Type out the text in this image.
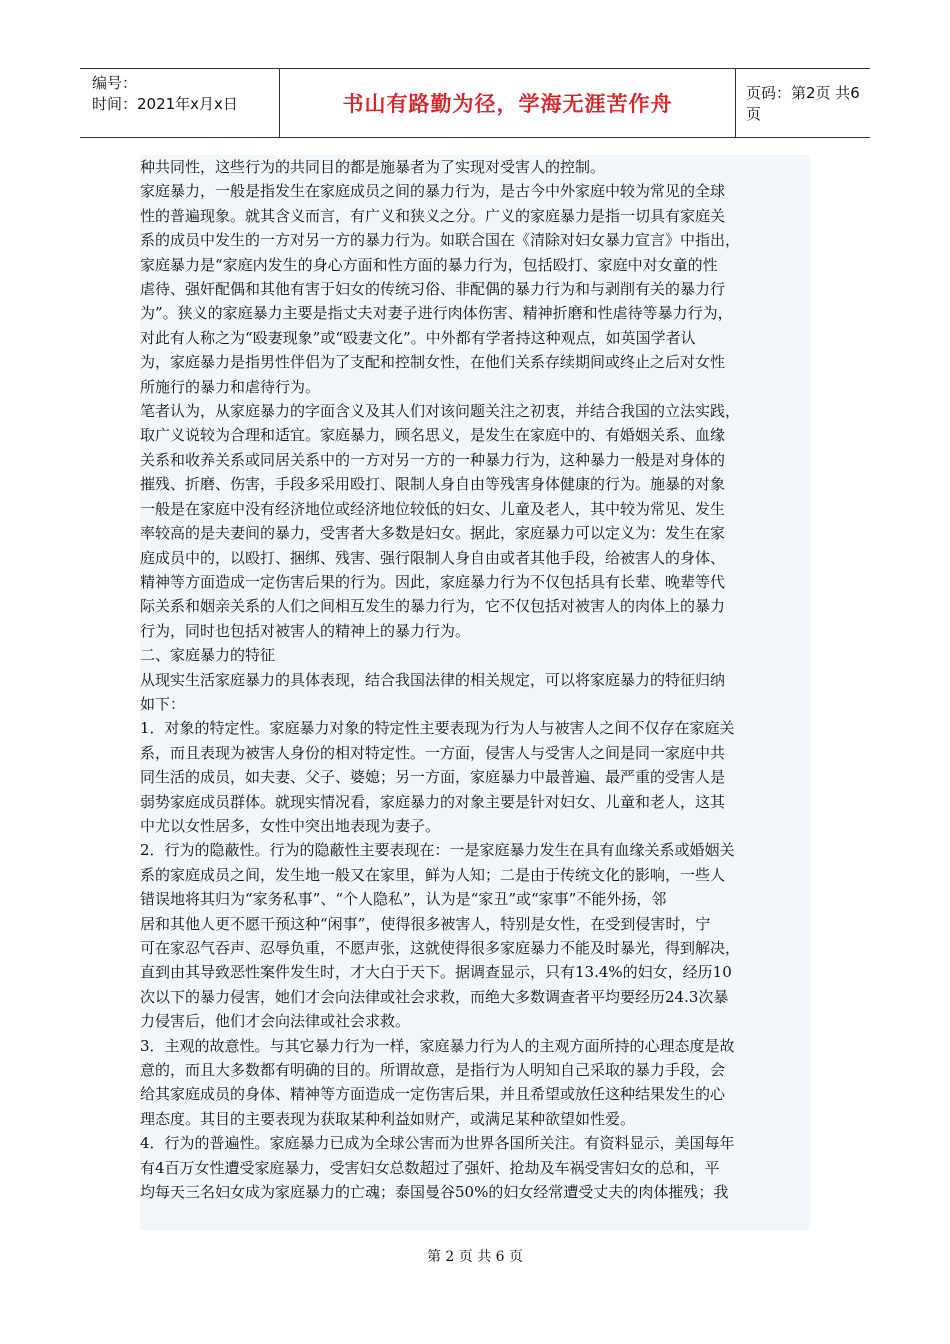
编号：
时间：2021年x月x日	书山有路勤为径，学海无涯苦作舟	页码：第2页 共6页

种共同性，这些行为的共同目的都是施暴者为了实现对受害人的控制。

家庭暴力，一般是指发生在家庭成员之间的暴力行为，是古今中外家庭中较为常见的全球

性的普遍现象。就其含义而言，有广义和狭义之分。广义的家庭暴力是指一切具有家庭关

系的成员中发生的一方对另一方的暴力行为。如联合国在《清除对妇女暴力宣言》中指出，

家庭暴力是“家庭内发生的身心方面和性方面的暴力行为，包括殴打、家庭中对女童的性

虐待、强奸配偶和其他有害于妇女的传统习俗、非配偶的暴力行为和与剥削有关的暴力行

为”。狭义的家庭暴力主要是指丈夫对妻子进行肉体伤害、精神折磨和性虐待等暴力行为，

对此有人称之为“殴妻现象”或“殴妻文化”。中外都有学者持这种观点，如英国学者认

为，家庭暴力是指男性伴侣为了支配和控制女性，在他们关系存续期间或终止之后对女性

所施行的暴力和虐待行为。

笔者认为，从家庭暴力的字面含义及其人们对该问题关注之初衷，并结合我国的立法实践，

取广义说较为合理和适宜。家庭暴力，顾名思义，是发生在家庭中的、有婚姻关系、血缘

关系和收养关系或同居关系中的一方对另一方的一种暴力行为，这种暴力一般是对身体的

摧残、折磨、伤害，手段多采用殴打、限制人身自由等残害身体健康的行为。施暴的对象

一般是在家庭中没有经济地位或经济地位较低的妇女、儿童及老人，其中较为常见、发生

率较高的是夫妻间的暴力，受害者大多数是妇女。据此，家庭暴力可以定义为：发生在家

庭成员中的，以殴打、捆绑、残害、强行限制人身自由或者其他手段，给被害人的身体、

精神等方面造成一定伤害后果的行为。因此，家庭暴力行为不仅包括具有长辈、晚辈等代

际关系和姻亲关系的人们之间相互发生的暴力行为，它不仅包括对被害人的肉体上的暴力

行为，同时也包括对被害人的精神上的暴力行为。

二、家庭暴力的特征

从现实生活家庭暴力的具体表现，结合我国法律的相关规定，可以将家庭暴力的特征归纳

如下：

1．对象的特定性。家庭暴力对象的特定性主要表现为行为人与被害人之间不仅存在家庭关

系，而且表现为被害人身份的相对特定性。一方面，侵害人与受害人之间是同一家庭中共

同生活的成员，如夫妻、父子、婆媳；另一方面，家庭暴力中最普遍、最严重的受害人是

弱势家庭成员群体。就现实情况看，家庭暴力的对象主要是针对妇女、儿童和老人，这其

中尤以女性居多，女性中突出地表现为妻子。

2．行为的隐蔽性。行为的隐蔽性主要表现在：一是家庭暴力发生在具有血缘关系或婚姻关

系的家庭成员之间，发生地一般又在家里，鲜为人知；二是由于传统文化的影响，一些人

错误地将其归为“家务私事”、“个人隐私”，认为是“家丑”或“家事”不能外扬，邻

居和其他人更不愿干预这种“闲事”，使得很多被害人，特别是女性，在受到侵害时，宁

可在家忍气吞声、忍辱负重，不愿声张，这就使得很多家庭暴力不能及时暴光，得到解决，

直到由其导致恶性案件发生时，才大白于天下。据调查显示，只有13.4%的妇女，经历10

次以下的暴力侵害，她们才会向法律或社会求救，而绝大多数调查者平均要经历24.3次暴

力侵害后，他们才会向法律或社会求救。

3．主观的故意性。与其它暴力行为一样，家庭暴力行为人的主观方面所持的心理态度是故

意的，而且大多数都有明确的目的。所谓故意，是指行为人明知自己采取的暴力手段，会

给其家庭成员的身体、精神等方面造成一定伤害后果，并且希望或放任这种结果发生的心

理态度。其目的主要表现为获取某种利益如财产，或满足某种欲望如性爱。

4．行为的普遍性。家庭暴力已成为全球公害而为世界各国所关注。有资料显示，美国每年

有4百万女性遭受家庭暴力，受害妇女总数超过了强奸、抢劫及车祸受害妇女的总和，平

均每天三名妇女成为家庭暴力的亡魂；泰国曼谷50%的妇女经常遭受丈夫的肉体摧残；我

第 2 页 共 6 页
